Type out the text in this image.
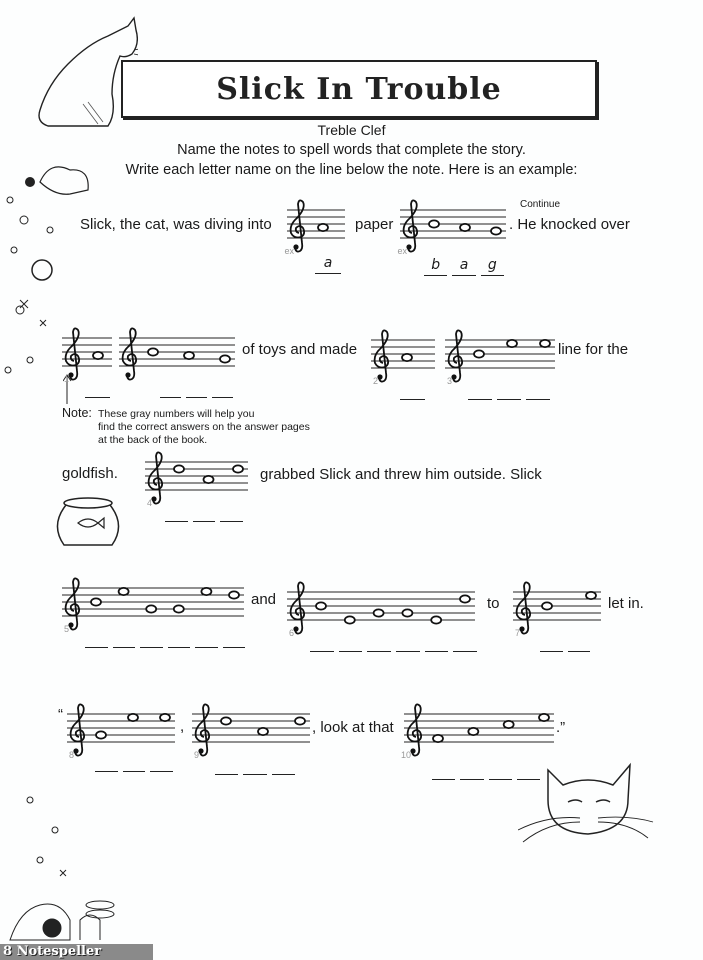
Slick In Trouble
Treble Clef
Name the notes to spell words that complete the story.
Write each letter name on the line below the note. Here is an example:
Slick, the cat, was diving into	paper
Continue
. He knocked over
of toys and made	line for the
goldfish.	grabbed Slick and threw him outside. Slick
and	to	let in.
“
,	, look at that	.”
Note: These gray numbers will help you
find the correct answers on the answer pages
at the back of the book.
ex
a
ex
b	a	g
1	2	3
4
5	6	7
8	9	10
8 Notespeller
